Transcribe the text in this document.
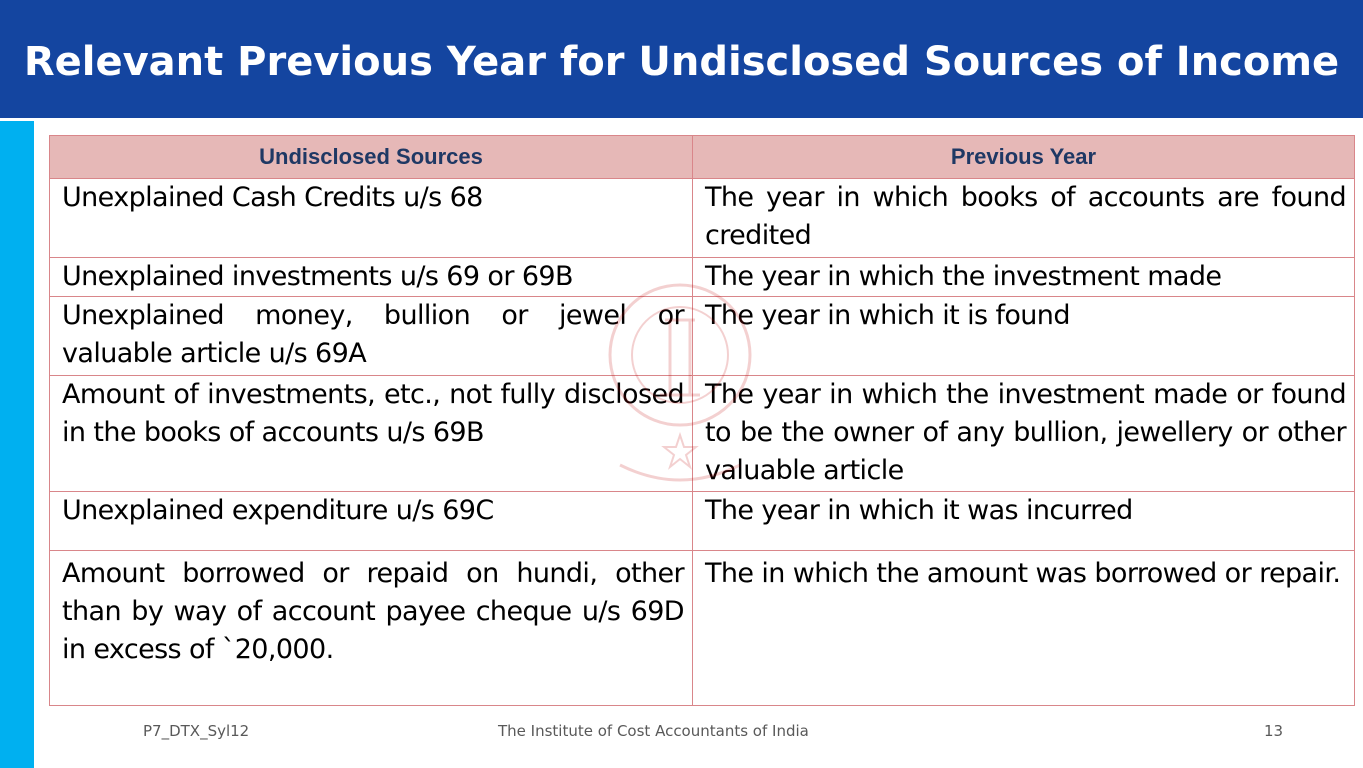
Relevant Previous Year for Undisclosed Sources of Income
Undisclosed Sources	Previous Year
Unexplained Cash Credits u/s 68	The year in which books of accounts are found credited
Unexplained investments u/s 69 or 69B	The year in which the investment made
Unexplained money, bullion or jewel or valuable article u/s 69A	The year in which it is found
Amount of investments, etc., not fully disclosed in the books of accounts u/s 69B	The year in which the investment made or found to be the owner of any bullion, jewellery or other valuable article
Unexplained expenditure u/s 69C	The year in which it was incurred
Amount borrowed or repaid on hundi, other than by way of account payee cheque u/s 69D in excess of `20,000.	The in which the amount was borrowed or repair.
P7_DTX_Syl12	The Institute of Cost Accountants of India	13
